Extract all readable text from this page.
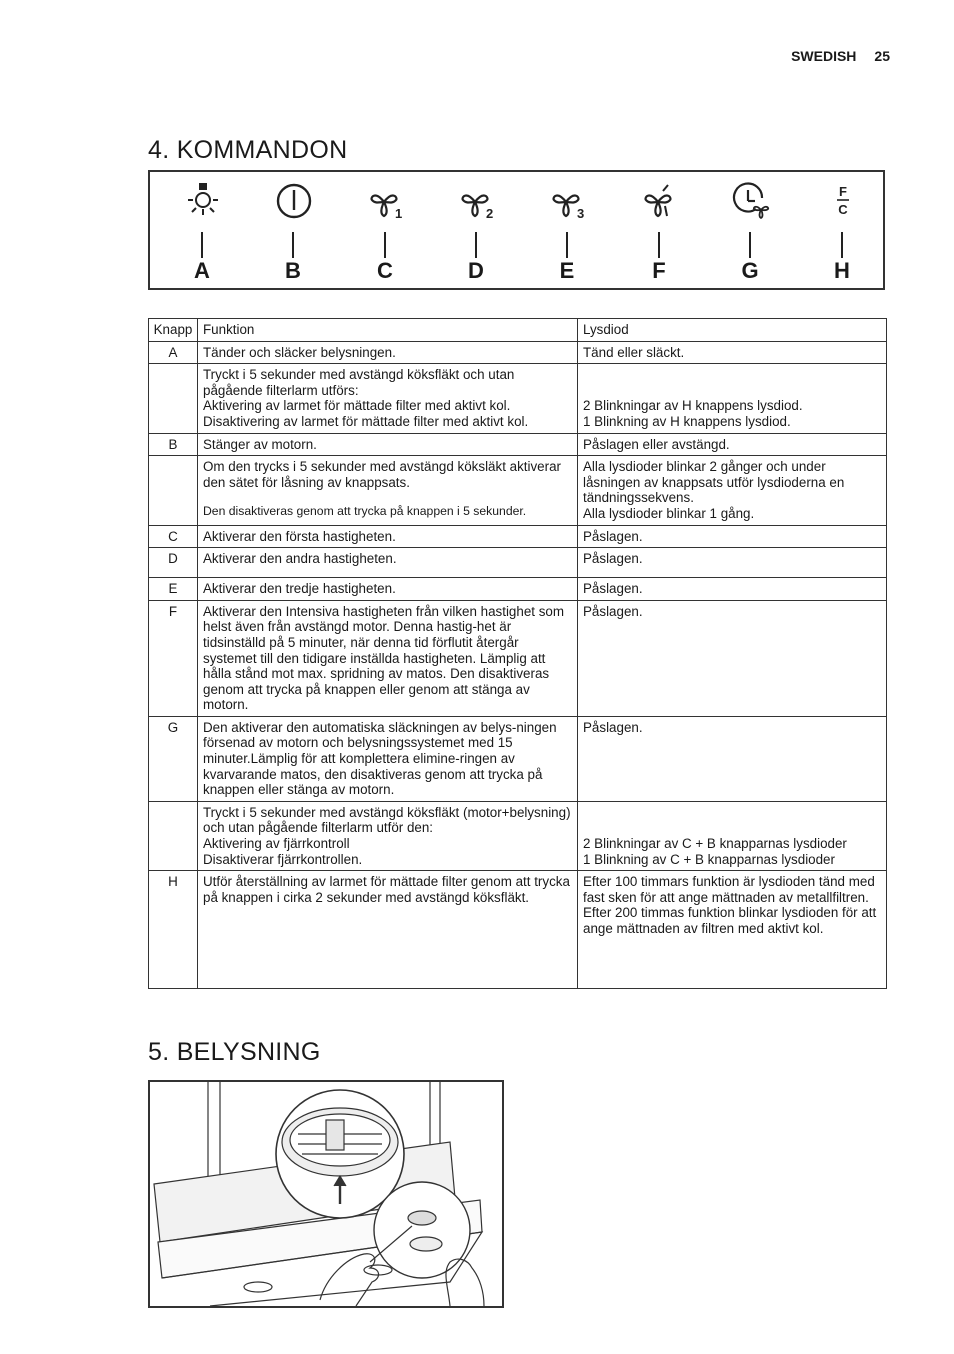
SWEDISH 25
4. KOMMANDON
A	B
1
C
2
D
3
E	F	G
F
C
H
Knapp	Funktion	Lysdiod
A	Tänder och släcker belysningen.	Tänd eller släckt.

	Tryckt i 5 sekunder med avstängd köksfläkt och utan pågående filterlarm utförs:
Aktivering av larmet för mättade filter med aktivt kol.
Disaktivering av larmet för mättade filter med aktivt kol.	2 Blinkningar av H knappens lysdiod.
1 Blinkning av H knappens lysdiod.

B	Stänger av motorn.	Påslagen eller avstängd.

	Om den trycks i 5 sekunder med avstängd köksläkt aktiverar den sätet för låsning av knappsats.
Den disaktiveras genom att trycka på knappen i 5 sekunder.	Alla lysdioder blinkar 2 gånger och under låsningen av knappsats utför lysdioderna en tändningssekvens.
Alla lysdioder blinkar 1 gång.

C	Aktiverar den första hastigheten.	Påslagen.

D	Aktiverar den andra hastigheten.	Påslagen.

E	Aktiverar den tredje hastigheten.	Påslagen.

F	Aktiverar den Intensiva hastigheten från vilken hastighet som helst även från avstängd motor. Denna hastig-het är tidsinställd på 5 minuter, när denna tid förflutit återgår systemet till den tidigare inställda hastigheten. Lämplig att hålla stånd mot max. spridning av matos. Den disaktiveras genom att trycka på knappen eller genom att stänga av motorn.	Påslagen.

G	Den aktiverar den automatiska släckningen av belys-ningen försenad av motorn och belysningssystemet med 15 minuter.Lämplig för att komplettera elimine-ringen av kvarvarande matos, den disaktiveras genom att trycka på knappen eller stänga av motorn.	Påslagen.

	Tryckt i 5 sekunder med avstängd köksfläkt (motor+belysning) och utan pågående filterlarm utför den:
Aktivering av fjärrkontroll
Disaktiverar fjärrkontrollen.	2 Blinkningar av C + B knapparnas lysdioder
1 Blinkning av C + B knapparnas lysdioder

H	Utför återställning av larmet för mättade filter genom att trycka på knappen i cirka 2 sekunder med avstängd köksfläkt.	Efter 100 timmars funktion är lysdioden tänd med fast sken för att ange mättnaden av metallfiltren.
Efter 200 timmas funktion blinkar lysdioden för att ange mättnaden av filtren med aktivt kol.
5. BELYSNING
